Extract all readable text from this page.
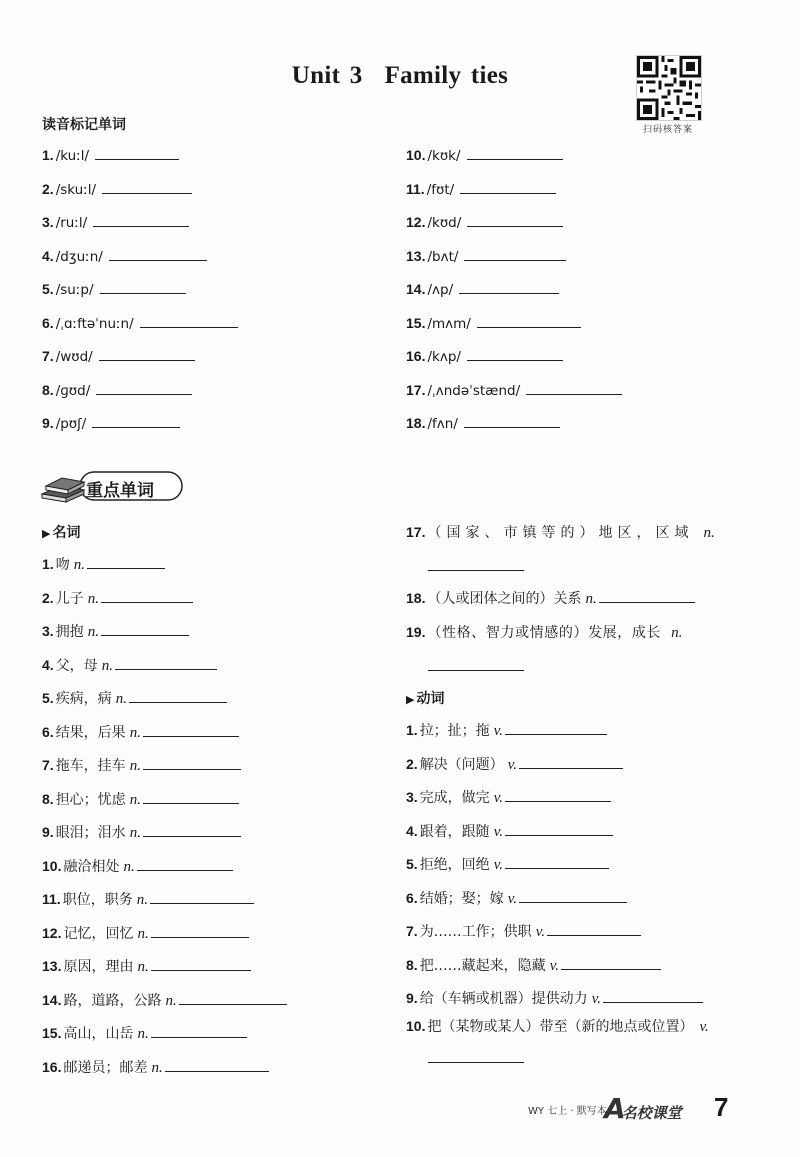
Unit 3 Family ties
扫码核答案
读音标记单词
1. /kuːl/
2. /skuːl/
3. /ruːl/
4. /dʒuːn/
5. /suːp/
6. /ˌɑːftəˈnuːn/
7. /wʊd/
8. /ɡʊd/
9. /pʊʃ/
10. /kʊk/
11. /fʊt/
12. /kʊd/
13. /bʌt/
14. /ʌp/
15. /mʌm/
16. /kʌp/
17. /ˌʌndəˈstænd/
18. /fʌn/
重点单词
▶ 名词
▶ 动词
1. 吻 n.
2. 儿子 n.
3. 拥抱 n.
4. 父，母 n.
5. 疾病，病 n.
6. 结果，后果 n.
7. 拖车，挂车 n.
8. 担心；忧虑 n.
9. 眼泪；泪水 n.
10. 融洽相处 n.
11. 职位，职务 n.
12. 记忆，回忆 n.
13. 原因，理由 n.
14. 路，道路，公路 n.
15. 高山，山岳 n.
16. 邮递员；邮差 n.
17. （国家、市镇等的）地区，区域 n.
18. （人或团体之间的）关系 n.
19. （性格、智力或情感的）发展，成长 n.
10. 把（某物或某人）带至（新的地点或位置） v.
1. 拉；扯；拖 v.
2. 解决（问题） v.
3. 完成，做完 v.
4. 跟着，跟随 v.
5. 拒绝，回绝 v.
6. 结婚；娶；嫁 v.
7. 为……工作；供职 v.
8. 把……藏起来，隐藏 v.
9. 给（车辆或机器）提供动力 v.
WY 七上 · 默写本
A名校课堂 7
